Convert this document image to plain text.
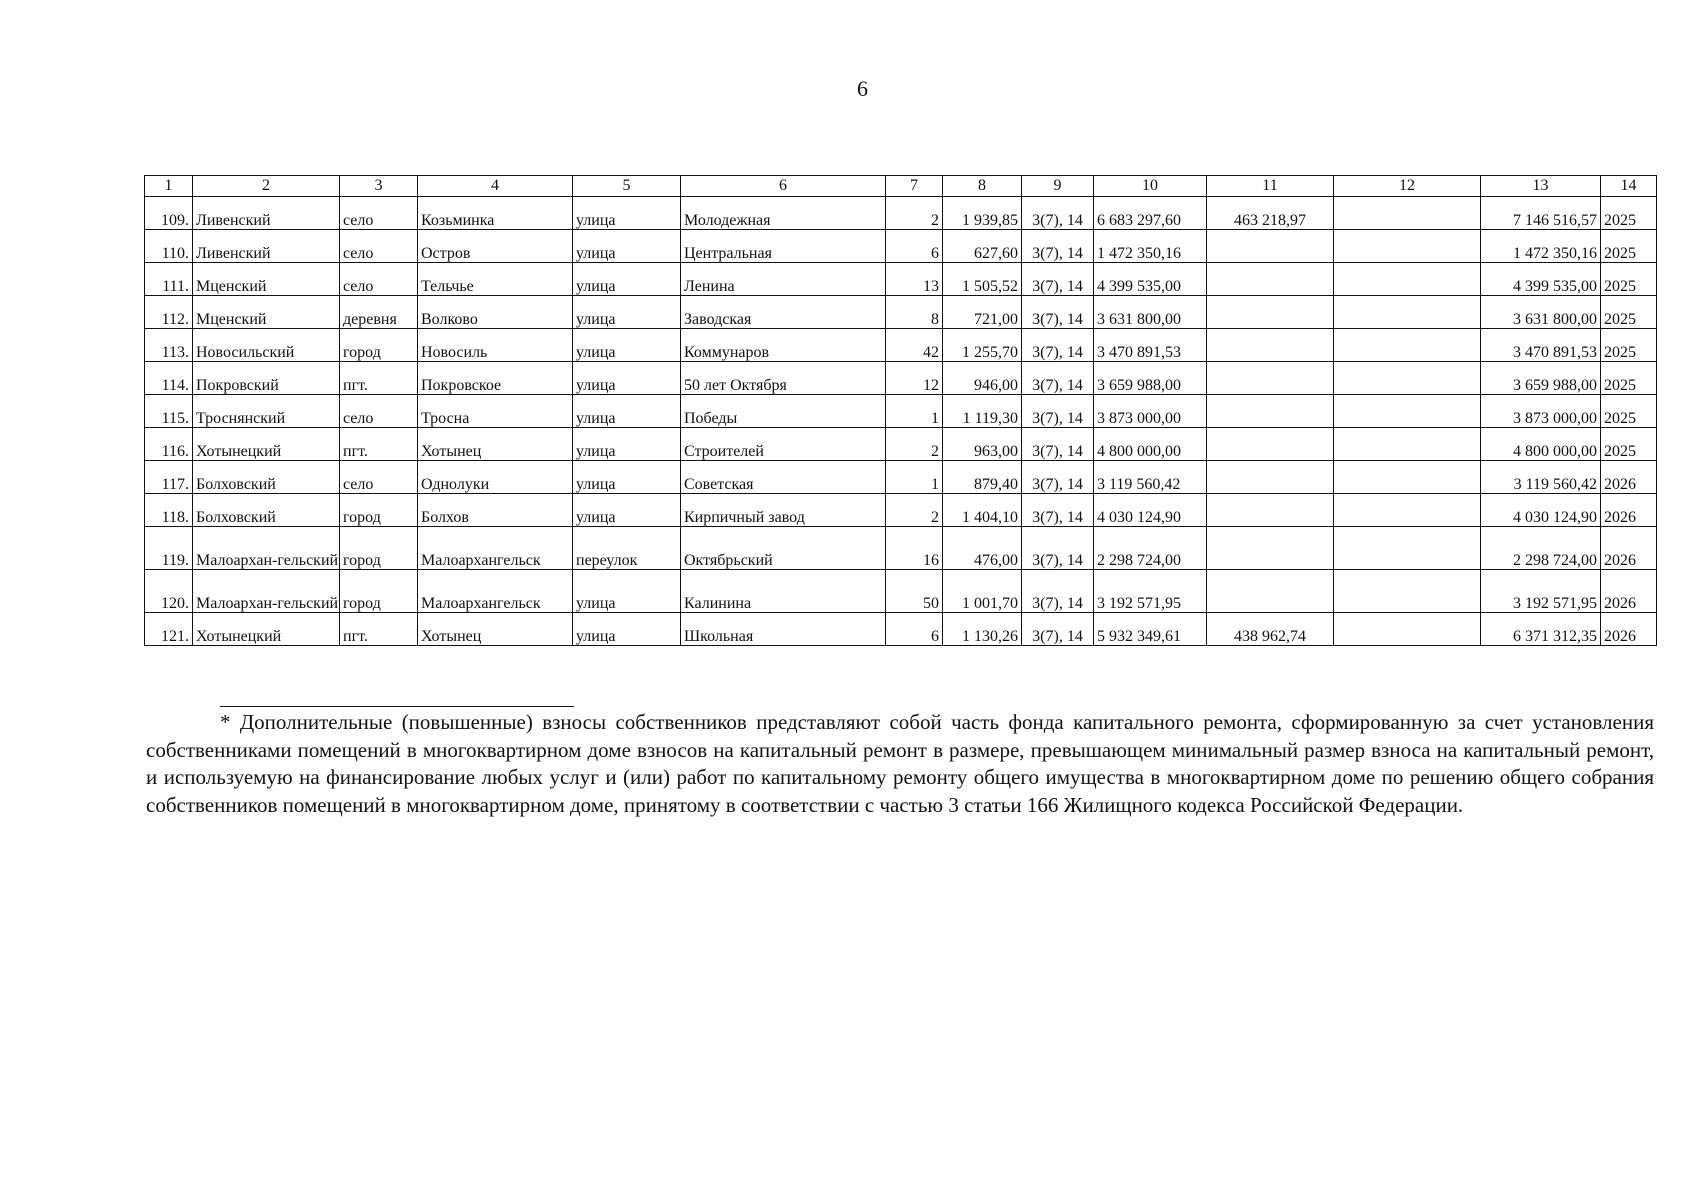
6
1	2	3	4	5	6	7	8	9	10	11	12	13	14
109.	Ливенский	село	Козьминка	улица	Молодежная	2	1 939,85	3(7), 14	6 683 297,60	463 218,97		7 146 516,57	2025
110.	Ливенский	село	Остров	улица	Центральная	6	627,60	3(7), 14	1 472 350,16			1 472 350,16	2025
111.	Мценский	село	Тельчье	улица	Ленина	13	1 505,52	3(7), 14	4 399 535,00			4 399 535,00	2025
112.	Мценский	деревня	Волково	улица	Заводская	8	721,00	3(7), 14	3 631 800,00			3 631 800,00	2025
113.	Новосильский	город	Новосиль	улица	Коммунаров	42	1 255,70	3(7), 14	3 470 891,53			3 470 891,53	2025
114.	Покровский	пгт.	Покровское	улица	50 лет Октября	12	946,00	3(7), 14	3 659 988,00			3 659 988,00	2025
115.	Троснянский	село	Тросна	улица	Победы	1	1 119,30	3(7), 14	3 873 000,00			3 873 000,00	2025
116.	Хотынецкий	пгт.	Хотынец	улица	Строителей	2	963,00	3(7), 14	4 800 000,00			4 800 000,00	2025
117.	Болховский	село	Однолуки	улица	Советская	1	879,40	3(7), 14	3 119 560,42			3 119 560,42	2026
118.	Болховский	город	Болхов	улица	Кирпичный завод	2	1 404,10	3(7), 14	4 030 124,90			4 030 124,90	2026
119.	Малоархан-гельский	город	Малоархангельск	переулок	Октябрьский	16	476,00	3(7), 14	2 298 724,00			2 298 724,00	2026
120.	Малоархан-гельский	город	Малоархангельск	улица	Калинина	50	1 001,70	3(7), 14	3 192 571,95			3 192 571,95	2026
121.	Хотынецкий	пгт.	Хотынец	улица	Школьная	6	1 130,26	3(7), 14	5 932 349,61	438 962,74		6 371 312,35	2026

* Дополнительные (повышенные) взносы собственников представляют собой часть фонда капитального ремонта, сформированную за счет установления собственниками помещений в многоквартирном доме взносов на капитальный ремонт в размере, превышающем минимальный размер взноса на капитальный ремонт, и используемую на финансирование любых услуг и (или) работ по капитальному ремонту общего имущества в многоквартирном доме по решению общего собрания собственников помещений в многоквартирном доме, принятому в соответствии с частью 3 статьи 166 Жилищного кодекса Российской Федерации.
